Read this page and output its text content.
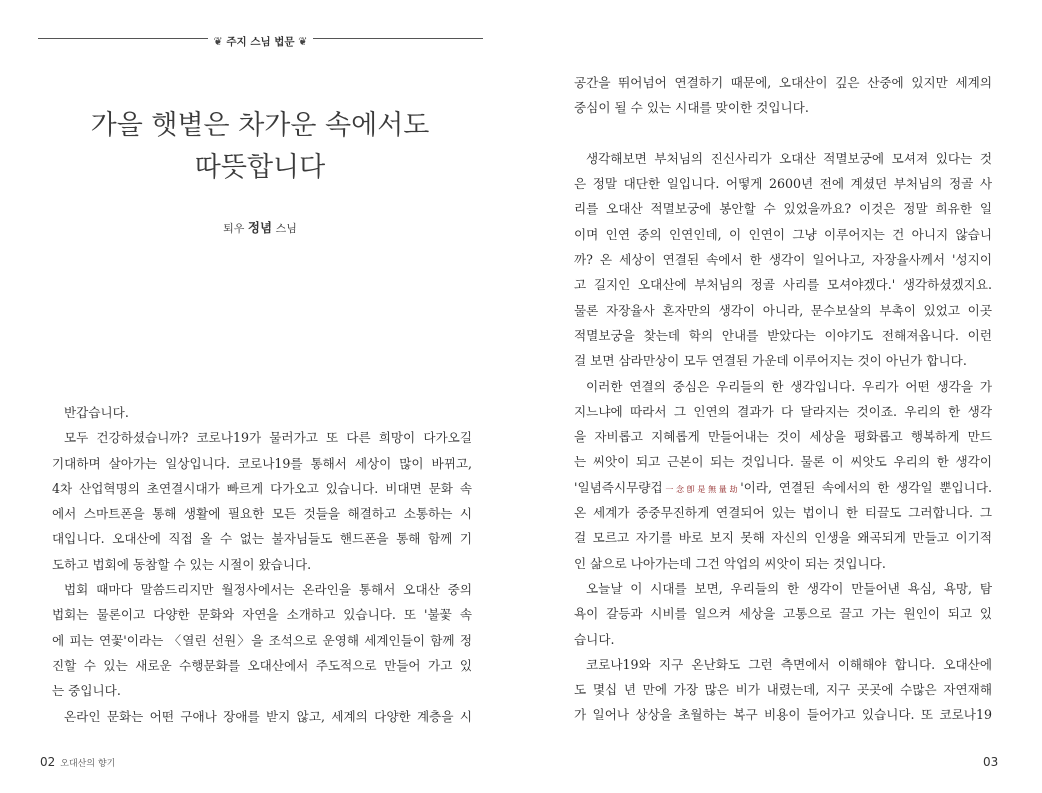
❦ 주지 스님 법문 ❦
가을 햇볕은 차가운 속에서도
따뜻합니다
퇴우 정념 스님
반갑습니다.
모두 건강하셨습니까? 코로나19가 물러가고 또 다른 희망이 다가오길
기대하며 살아가는 일상입니다. 코로나19를 통해서 세상이 많이 바뀌고,
4차 산업혁명의 초연결시대가 빠르게 다가오고 있습니다. 비대면 문화 속
에서 스마트폰을 통해 생활에 필요한 모든 것들을 해결하고 소통하는 시
대입니다. 오대산에 직접 올 수 없는 불자님들도 핸드폰을 통해 함께 기
도하고 법회에 동참할 수 있는 시절이 왔습니다.
법회 때마다 말씀드리지만 월정사에서는 온라인을 통해서 오대산 중의
법회는 물론이고 다양한 문화와 자연을 소개하고 있습니다. 또 '불꽃 속
에 피는 연꽃'이라는 〈열린 선원〉을 조석으로 운영해 세계인들이 함께 정
진할 수 있는 새로운 수행문화를 오대산에서 주도적으로 만들어 가고 있
는 중입니다.
온라인 문화는 어떤 구애나 장애를 받지 않고, 세계의 다양한 계층을 시
02 오대산의 향기
공간을 뛰어넘어 연결하기 때문에, 오대산이 깊은 산중에 있지만 세계의
중심이 될 수 있는 시대를 맞이한 것입니다.
생각해보면 부처님의 진신사리가 오대산 적멸보궁에 모셔져 있다는 것
은 정말 대단한 일입니다. 어떻게 2600년 전에 계셨던 부처님의 정골 사
리를 오대산 적멸보궁에 봉안할 수 있었을까요? 이것은 정말 희유한 일
이며 인연 중의 인연인데, 이 인연이 그냥 이루어지는 건 아니지 않습니
까? 온 세상이 연결된 속에서 한 생각이 일어나고, 자장율사께서 '성지이
고 길지인 오대산에 부처님의 정골 사리를 모셔야겠다.' 생각하셨겠지요.
물론 자장율사 혼자만의 생각이 아니라, 문수보살의 부촉이 있었고 이곳
적멸보궁을 찾는데 학의 안내를 받았다는 이야기도 전해져옵니다. 이런
걸 보면 삼라만상이 모두 연결된 가운데 이루어지는 것이 아닌가 합니다.
이러한 연결의 중심은 우리들의 한 생각입니다. 우리가 어떤 생각을 가
지느냐에 따라서 그 인연의 결과가 다 달라지는 것이죠. 우리의 한 생각
을 자비롭고 지혜롭게 만들어내는 것이 세상을 평화롭고 행복하게 만드
는 씨앗이 되고 근본이 되는 것입니다. 물론 이 씨앗도 우리의 한 생각이
'일념즉시무량겁一念卽是無量劫'이라, 연결된 속에서의 한 생각일 뿐입니다.
온 세계가 중중무진하게 연결되어 있는 법이니 한 티끌도 그러합니다. 그
걸 모르고 자기를 바로 보지 못해 자신의 인생을 왜곡되게 만들고 이기적
인 삶으로 나아가는데 그건 악업의 씨앗이 되는 것입니다.
오늘날 이 시대를 보면, 우리들의 한 생각이 만들어낸 욕심, 욕망, 탐
욕이 갈등과 시비를 일으켜 세상을 고통으로 끌고 가는 원인이 되고 있
습니다.
코로나19와 지구 온난화도 그런 측면에서 이해해야 합니다. 오대산에
도 몇십 년 만에 가장 많은 비가 내렸는데, 지구 곳곳에 수많은 자연재해
가 일어나 상상을 초월하는 복구 비용이 들어가고 있습니다. 또 코로나19
03
